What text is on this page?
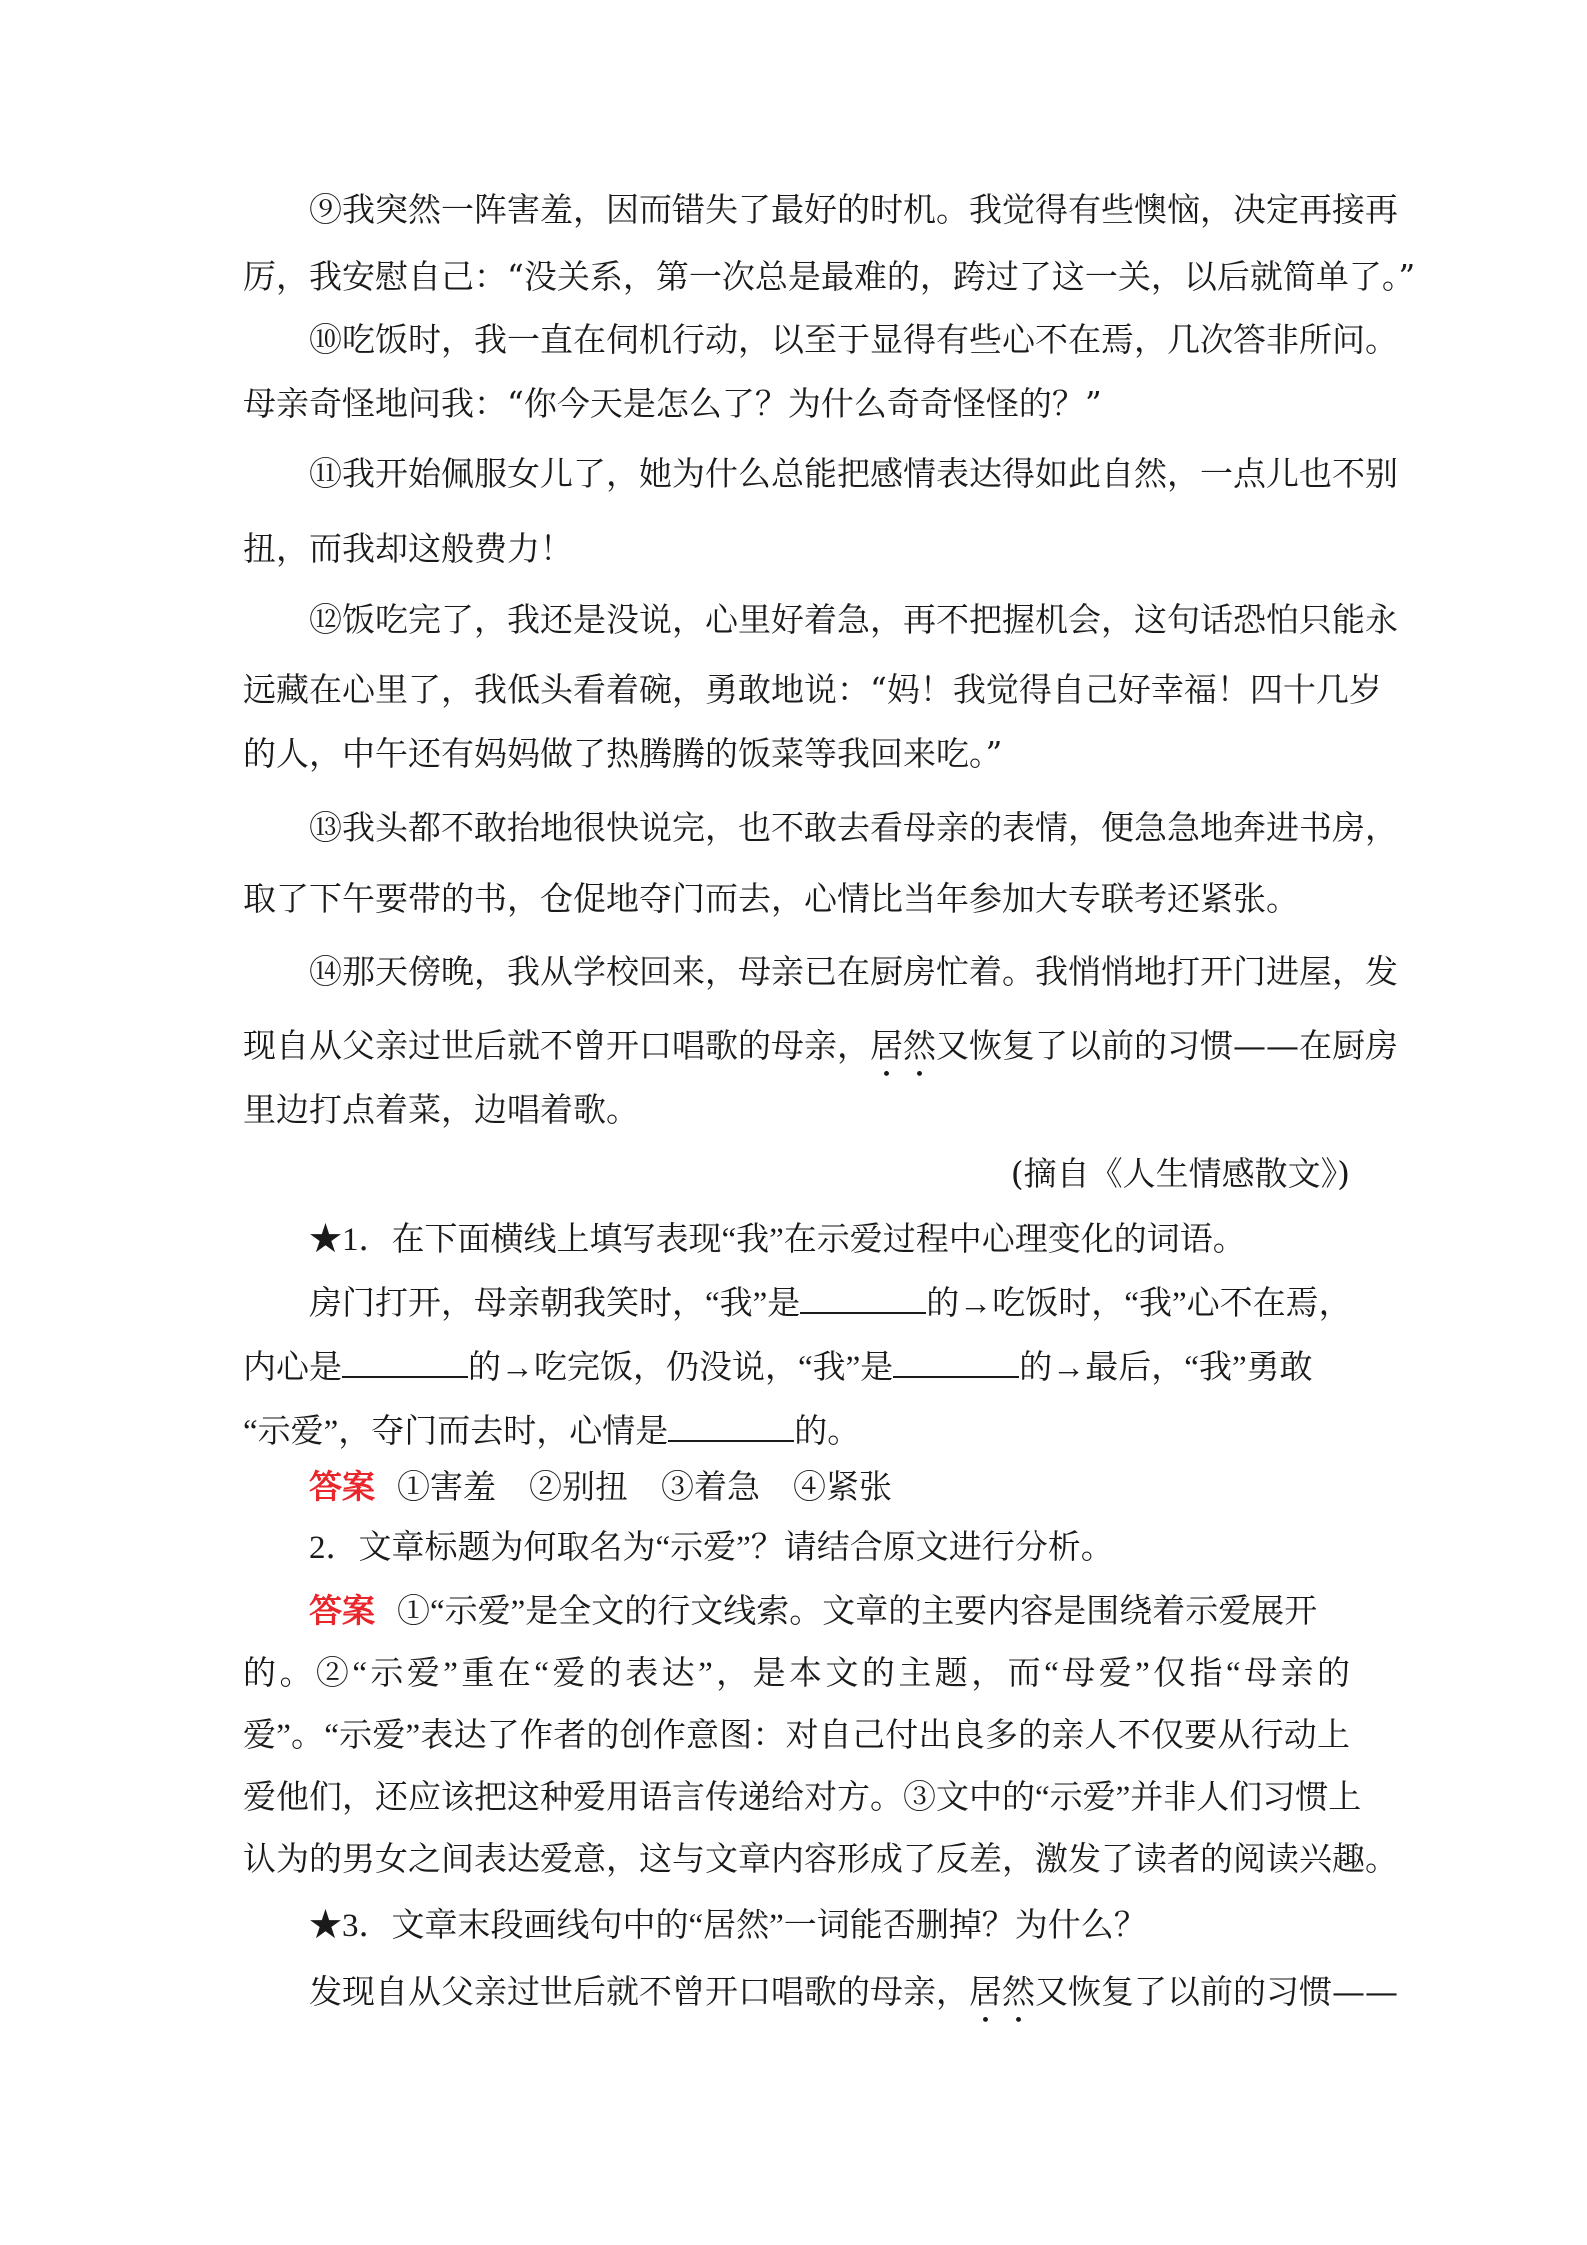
⑨我突然一阵害羞，因而错失了最好的时机。我觉得有些懊恼，决定再接再
厉，我安慰自己：“没关系，第一次总是最难的，跨过了这一关，以后就简单了。”
⑩吃饭时，我一直在伺机行动，以至于显得有些心不在焉，几次答非所问。
母亲奇怪地问我：“你今天是怎么了？为什么奇奇怪怪的？”
⑪我开始佩服女儿了，她为什么总能把感情表达得如此自然，一点儿也不别
扭，而我却这般费力！
⑫饭吃完了，我还是没说，心里好着急，再不把握机会，这句话恐怕只能永
远藏在心里了，我低头看着碗，勇敢地说：“妈！我觉得自己好幸福！四十几岁
的人，中午还有妈妈做了热腾腾的饭菜等我回来吃。”
⑬我头都不敢抬地很快说完，也不敢去看母亲的表情，便急急地奔进书房，
取了下午要带的书，仓促地夺门而去，心情比当年参加大专联考还紧张。
⑭那天傍晚，我从学校回来，母亲已在厨房忙着。我悄悄地打开门进屋，发
现自从父亲过世后就不曾开口唱歌的母亲，居然又恢复了以前的习惯——在厨房
里边打点着菜，边唱着歌。
(摘自《人生情感散文》)
★1．在下面横线上填写表现“我”在示爱过程中心理变化的词语。
房门打开，母亲朝我笑时，“我”是	的→吃饭时，“我”心不在焉，
内心是	的→吃完饭，仍没说，“我”是	的→最后，“我”勇敢
“示爱”，夺门而去时，心情是	的。
答案 ①害羞　②别扭　③着急　④紧张
2．文章标题为何取名为“示爱”？请结合原文进行分析。
答案 ①“示爱”是全文的行文线索。文章的主要内容是围绕着示爱展开
的。②“示爱”重在“爱的表达”，是本文的主题，而“母爱”仅指“母亲的
爱”。“示爱”表达了作者的创作意图：对自己付出良多的亲人不仅要从行动上
爱他们，还应该把这种爱用语言传递给对方。③文中的“示爱”并非人们习惯上
认为的男女之间表达爱意，这与文章内容形成了反差，激发了读者的阅读兴趣。
★3．文章末段画线句中的“居然”一词能否删掉？为什么？
发现自从父亲过世后就不曾开口唱歌的母亲，居然又恢复了以前的习惯——
